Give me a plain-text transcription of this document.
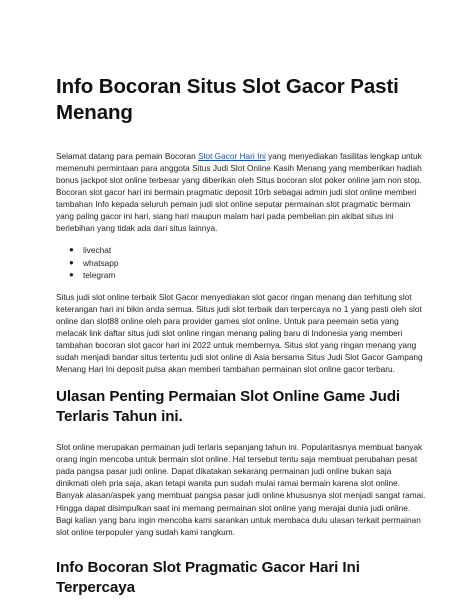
Info Bocoran Situs Slot Gacor Pasti Menang

Selamat datang para pemain Bocoran Slot Gacor Hari Ini yang menyediakan fasilitas lengkap untuk memenuhi permintaan para anggota Situs Judi Slot Online Kasih Menang yang memberikan hadiah bonus jackpot slot online terbesar yang diberikan oleh Situs bocoran slot poker online jam non stop. Bocoran slot gacor hari ini bermain pragmatic deposit 10rb sebagai admin judi slot online memberi tambahan Info kepada seluruh pemain judi slot online seputar permainan slot pragmatic bermain yang paling gacor ini hari, siang hari maupun malam hari pada pembelian pin akibat situs ini berlebihan yang tidak ada dari situs lainnya.

● livechat
● whatsapp
● telegram

Situs judi slot online terbaik Slot Gacor menyediakan slot gacor ringan menang dan terhitung slot keterangan hari ini bikin anda semua. Situs judi slot terbaik dan terpercaya no 1 yang pasti oleh slot online dan slot88 online oleh para provider games slot online. Untuk para peemain setia yang melacak link daftar situs judi slot online ringan menang paling baru di Indonesia yang memberi tambahan bocoran slot gacor hari ini 2022 untuk membernya. Situs slot yang ringan menang yang sudah menjadi bandar situs tertentu judi slot online di Asia bersama Situs Judi Slot Gacor Gampang Menang Hari Ini deposit pulsa akan memberi tambahan permainan slot online gacor terbaru.

Ulasan Penting Permaian Slot Online Game Judi Terlaris Tahun ini.

Slot online merupakan permainan judi terlaris sepanjang tahun ini. Popularitasnya membuat banyak orang ingin mencoba untuk bermain slot online. Hal tersebut tentu saja membuat perubahan pesat pada pangsa pasar judi online. Dapat dikatakan sekarang permainan judi online bukan saja dinikmati oleh pria saja, akan tetapi wanita pun sudah mulai ramai bermain karena slot online. Banyak alasan/aspek yang membuat pangsa pasar judi online khususnya slot menjadi sangat ramai. Hingga dapat disimpulkan saat ini memang permainan slot online yang merajai dunia judi online. Bagi kalian yang baru ingin mencoba kami sarankan untuk membaca dulu ulasan terkait permainan slot online terpopuler yang sudah kami rangkum.

Info Bocoran Slot Pragmatic Gacor Hari Ini Terpercaya
